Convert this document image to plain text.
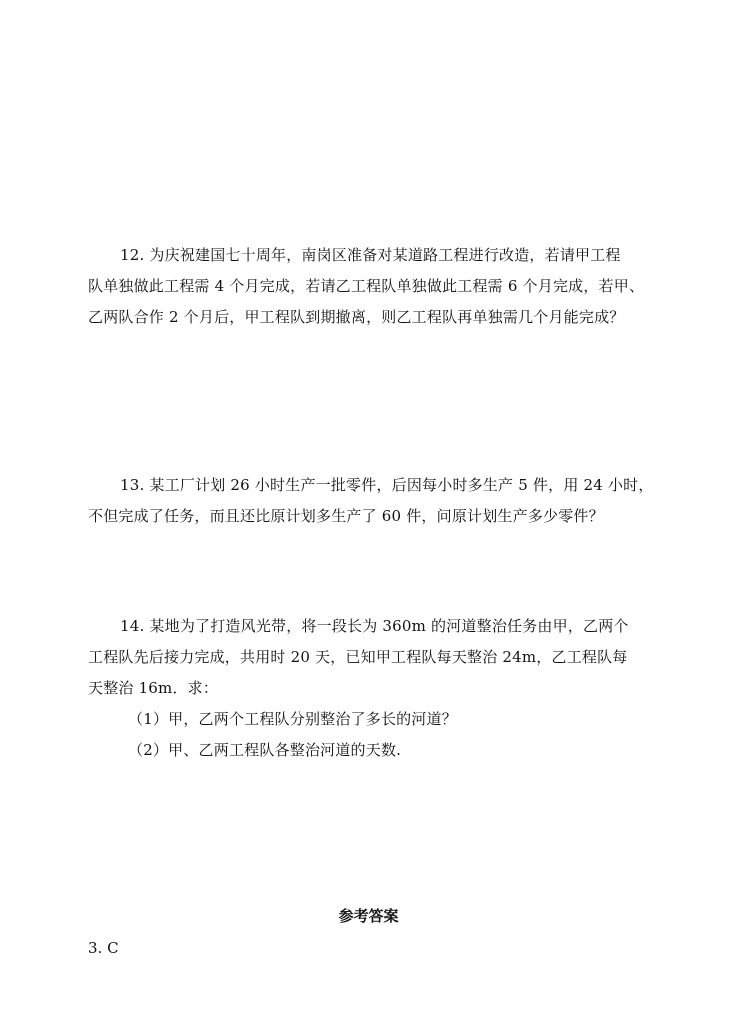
12. 为庆祝建国七十周年，南岗区准备对某道路工程进行改造，若请甲工程

队单独做此工程需 4 个月完成，若请乙工程队单独做此工程需 6 个月完成，若甲、

乙两队合作 2 个月后，甲工程队到期撤离，则乙工程队再单独需几个月能完成？

13. 某工厂计划 26 小时生产一批零件，后因每小时多生产 5 件，用 24 小时，

不但完成了任务，而且还比原计划多生产了 60 件，问原计划生产多少零件？

14. 某地为了打造风光带，将一段长为 360m 的河道整治任务由甲，乙两个

工程队先后接力完成，共用时 20 天，已知甲工程队每天整治 24m，乙工程队每

天整治 16m．求：

（1）甲，乙两个工程队分别整治了多长的河道？

（2）甲、乙两工程队各整治河道的天数.

参考答案
3. C
